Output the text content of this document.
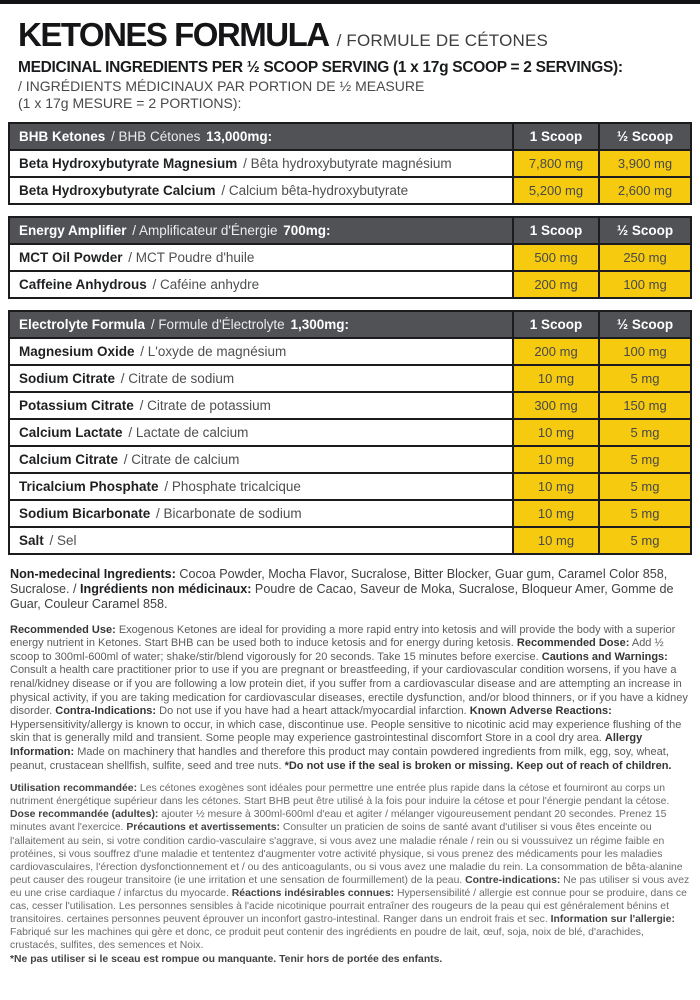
KETONES FORMULA / FORMULE DE CÉTONES
MEDICINAL INGREDIENTS PER ½ SCOOP SERVING (1 x 17g SCOOP = 2 SERVINGS):
/ INGRÉDIENTS MÉDICINAUX PAR PORTION DE ½ MEASURE
(1 x 17g MESURE = 2 PORTIONS):
BHB Ketones / BHB Cétones 13,000mg:	1 Scoop	½ Scoop
Beta Hydroxybutyrate Magnesium / Bêta hydroxybutyrate magnésium	7,800 mg	3,900 mg
Beta Hydroxybutyrate Calcium / Calcium bêta-hydroxybutyrate	5,200 mg	2,600 mg
Energy Amplifier / Amplificateur d'Énergie 700mg:	1 Scoop	½ Scoop
MCT Oil Powder / MCT Poudre d'huile	500 mg	250 mg
Caffeine Anhydrous / Caféine anhydre	200 mg	100 mg
Electrolyte Formula / Formule d'Électrolyte 1,300mg:	1 Scoop	½ Scoop
Magnesium Oxide / L'oxyde de magnésium	200 mg	100 mg
Sodium Citrate / Citrate de sodium	10 mg	5 mg
Potassium Citrate / Citrate de potassium	300 mg	150 mg
Calcium Lactate / Lactate de calcium	10 mg	5 mg
Calcium Citrate / Citrate de calcium	10 mg	5 mg
Tricalcium Phosphate / Phosphate tricalcique	10 mg	5 mg
Sodium Bicarbonate / Bicarbonate de sodium	10 mg	5 mg
Salt / Sel	10 mg	5 mg

Non-medecinal Ingredients: Cocoa Powder, Mocha Flavor, Sucralose, Bitter Blocker, Guar gum, Caramel Color 858, Sucralose. / Ingrédients non médicinaux: Poudre de Cacao, Saveur de Moka, Sucralose, Bloqueur Amer, Gomme de Guar, Couleur Caramel 858.

Recommended Use: Exogenous Ketones are ideal for providing a more rapid entry into ketosis and will provide the body with a superior energy nutrient in Ketones. Start BHB can be used both to induce ketosis and for energy during ketosis. Recommended Dose: Add ½ scoop to 300ml-600ml of water; shake/stir/blend vigorously for 20 seconds. Take 15 minutes before exercise. Cautions and Warnings: Consult a health care practitioner prior to use if you are pregnant or breastfeeding, if your cardiovascular condition worsens, if you have a renal/kidney disease or if you are following a low protein diet, if you suffer from a cardiovascular disease and are attempting an increase in physical activity, if you are taking medication for cardiovascular diseases, erectile dysfunction, and/or blood thinners, or if you have a kidney disorder. Contra-Indications: Do not use if you have had a heart attack/myocardial infarction. Known Adverse Reactions: Hypersensitivity/allergy is known to occur, in which case, discontinue use. People sensitive to nicotinic acid may experience flushing of the skin that is generally mild and transient. Some people may experience gastrointestinal discomfort Store in a cool dry area. Allergy Information: Made on machinery that handles and therefore this product may contain powdered ingredients from milk, egg, soy, wheat, peanut, crustacean shellfish, sulfite, seed and tree nuts. *Do not use if the seal is broken or missing. Keep out of reach of children.

Utilisation recommandée: Les cétones exogènes sont idéales pour permettre une entrée plus rapide dans la cétose et fourniront au corps un nutriment énergétique supérieur dans les cétones. Start BHB peut être utilisé à la fois pour induire la cétose et pour l'énergie pendant la cétose. Dose recommandée (adultes): ajouter ½ mesure à 300ml-600ml d'eau et agiter / mélanger vigoureusement pendant 20 secondes. Prenez 15 minutes avant l'exercice. Précautions et avertissements: Consulter un praticien de soins de santé avant d'utiliser si vous êtes enceinte ou l'allaitement au sein, si votre condition cardio-vasculaire s'aggrave, si vous avez une maladie rénale / rein ou si voussuivez un régime faible en protéines, si vous souffrez d'une maladie et tententez d'augmenter votre activité physique, si vous prenez des médicaments pour les maladies cardiovasculaires, l'érection dysfonctionnement et / ou des anticoagulants, ou si vous avez une maladie du rein. La consommation de bêta-alanine peut causer des rougeur transitoire (ie une irritation et une sensation de fourmillement) de la peau. Contre-indications: Ne pas utiliser si vous avez eu une crise cardiaque / infarctus du myocarde. Réactions indésirables connues: Hypersensibilité / allergie est connue pour se produire, dans ce cas, cesser l'utilisation. Les personnes sensibles à l'acide nicotinique pourrait entraîner des rougeurs de la peau qui est généralement bénins et transitoires. certaines personnes peuvent éprouver un inconfort gastro-intestinal. Ranger dans un endroit frais et sec. Information sur l'allergie: Fabriqué sur les machines qui gère et donc, ce produit peut contenir des ingrédients en poudre de lait, œuf, soja, noix de blé, d'arachides, crustacés, sulfites, des semences et Noix.
*Ne pas utiliser si le sceau est rompue ou manquante. Tenir hors de portée des enfants.
